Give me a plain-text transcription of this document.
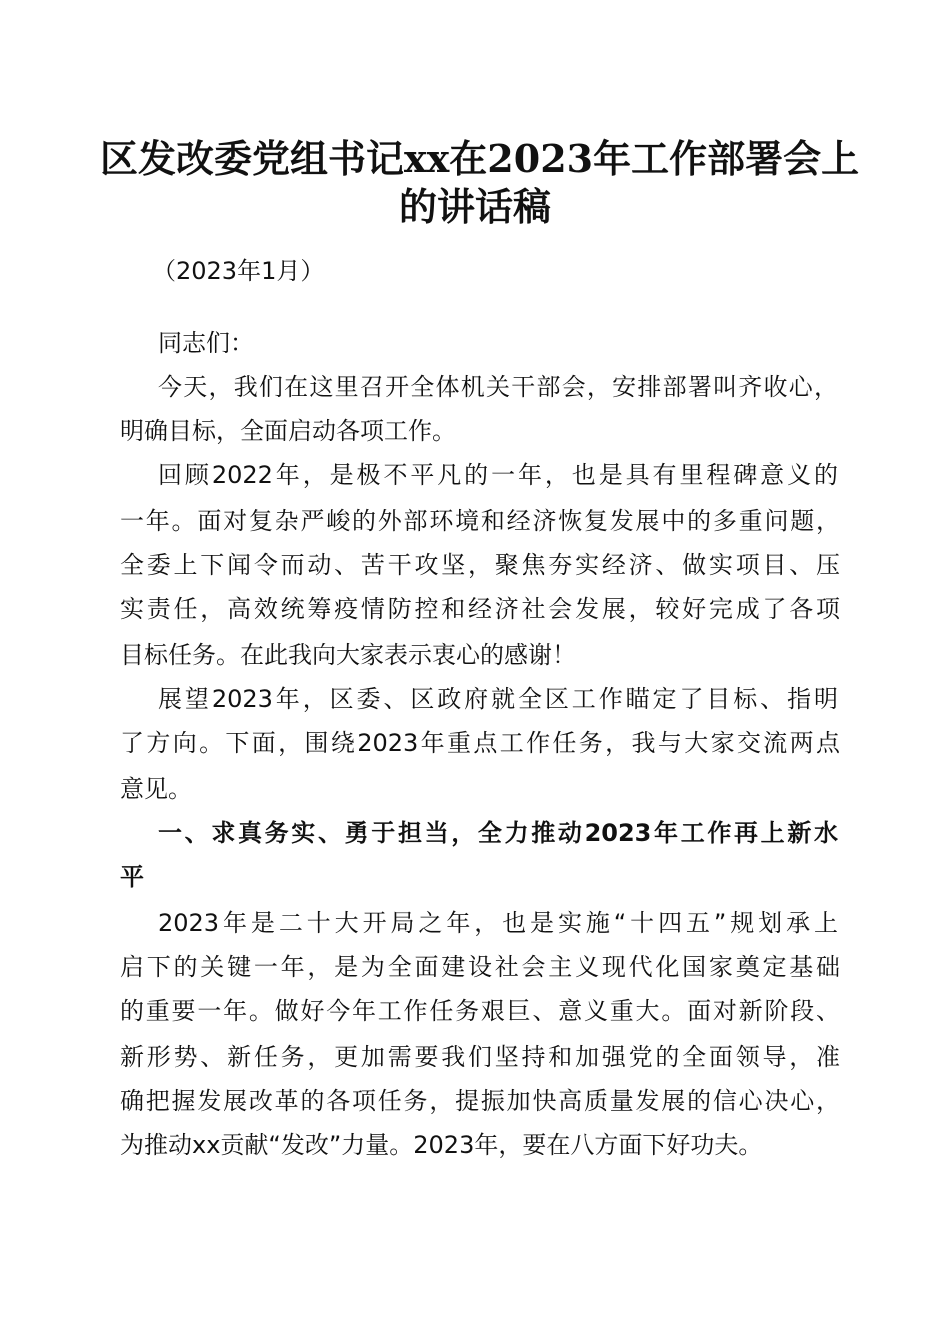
区发改委党组书记xx在2023年工作部署会上
的讲话稿

（2023年1月）

同志们：

今天，我们在这里召开全体机关干部会，安排部署叫齐收心，

明确目标，全面启动各项工作。

回顾2022年，是极不平凡的一年，也是具有里程碑意义的

一年。面对复杂严峻的外部环境和经济恢复发展中的多重问题，

全委上下闻令而动、苦干攻坚，聚焦夯实经济、做实项目、压

实责任，高效统筹疫情防控和经济社会发展，较好完成了各项

目标任务。在此我向大家表示衷心的感谢！

展望2023年，区委、区政府就全区工作瞄定了目标、指明

了方向。下面，围绕2023年重点工作任务，我与大家交流两点

意见。

一、求真务实、勇于担当，全力推动2023年工作再上新水

平

2023年是二十大开局之年，也是实施“十四五”规划承上

启下的关键一年，是为全面建设社会主义现代化国家奠定基础

的重要一年。做好今年工作任务艰巨、意义重大。面对新阶段、

新形势、新任务，更加需要我们坚持和加强党的全面领导，准

确把握发展改革的各项任务，提振加快高质量发展的信心决心，

为推动xx贡献“发改”力量。2023年，要在八方面下好功夫。
